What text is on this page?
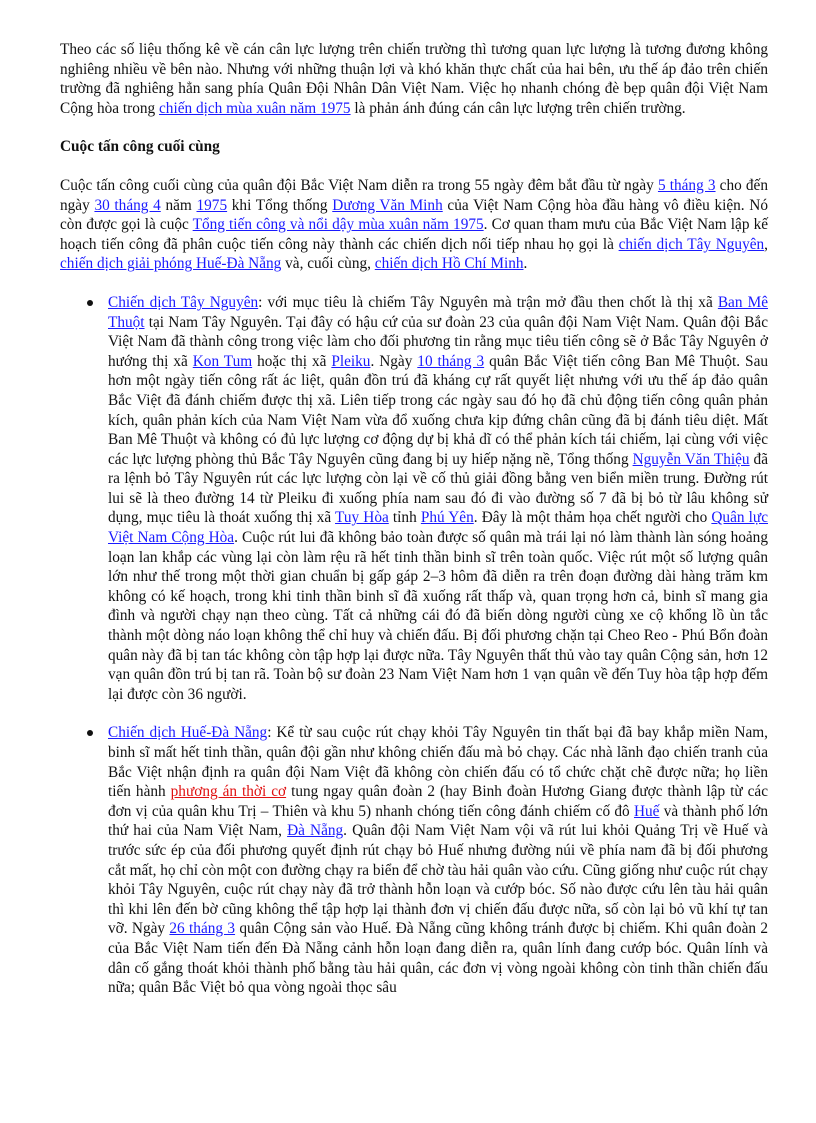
Theo các số liệu thống kê về cán cân lực lượng trên chiến trường thì tương quan lực lượng là tương đương không nghiêng nhiều về bên nào. Nhưng với những thuận lợi và khó khăn thực chất của hai bên, ưu thế áp đảo trên chiến trường đã nghiêng hẳn sang phía Quân Đội Nhân Dân Việt Nam. Việc họ nhanh chóng đè bẹp quân đội Việt Nam Cộng hòa trong chiến dịch mùa xuân năm 1975 là phản ánh đúng cán cân lực lượng trên chiến trường.

Cuộc tấn công cuối cùng

Cuộc tấn công cuối cùng của quân đội Bắc Việt Nam diễn ra trong 55 ngày đêm bắt đầu từ ngày 5 tháng 3 cho đến ngày 30 tháng 4 năm 1975 khi Tổng thống Dương Văn Minh của Việt Nam Cộng hòa đầu hàng vô điều kiện. Nó còn được gọi là cuộc Tổng tiến công và nổi dậy mùa xuân năm 1975. Cơ quan tham mưu của Bắc Việt Nam lập kế hoạch tiến công đã phân cuộc tiến công này thành các chiến dịch nối tiếp nhau họ gọi là chiến dịch Tây Nguyên, chiến dịch giải phóng Huế-Đà Nẵng và, cuối cùng, chiến dịch Hồ Chí Minh.

Chiến dịch Tây Nguyên: với mục tiêu là chiếm Tây Nguyên mà trận mở đầu then chốt là thị xã Ban Mê Thuột tại Nam Tây Nguyên. Tại đây có hậu cứ của sư đoàn 23 của quân đội Nam Việt Nam. Quân đội Bắc Việt Nam đã thành công trong việc làm cho đối phương tin rằng mục tiêu tiến công sẽ ở Bắc Tây Nguyên ở hướng thị xã Kon Tum hoặc thị xã Pleiku. Ngày 10 tháng 3 quân Bắc Việt tiến công Ban Mê Thuột. Sau hơn một ngày tiến công rất ác liệt, quân đồn trú đã kháng cự rất quyết liệt nhưng với ưu thế áp đảo quân Bắc Việt đã đánh chiếm được thị xã. Liên tiếp trong các ngày sau đó họ đã chủ động tiến công quân phản kích, quân phản kích của Nam Việt Nam vừa đổ xuống chưa kịp đứng chân cũng đã bị đánh tiêu diệt. Mất Ban Mê Thuột và không có đủ lực lượng cơ động dự bị khả dĩ có thể phản kích tái chiếm, lại cùng với việc các lực lượng phòng thủ Bắc Tây Nguyên cũng đang bị uy hiếp nặng nề, Tổng thống Nguyễn Văn Thiệu đã ra lệnh bỏ Tây Nguyên rút các lực lượng còn lại về cố thủ giải đồng bằng ven biển miền trung. Đường rút lui sẽ là theo đường 14 từ Pleiku đi xuống phía nam sau đó đi vào đường số 7 đã bị bỏ từ lâu không sử dụng, mục tiêu là thoát xuống thị xã Tuy Hòa tỉnh Phú Yên. Đây là một thảm họa chết người cho Quân lực Việt Nam Cộng Hòa. Cuộc rút lui đã không bảo toàn được số quân mà trái lại nó làm thành làn sóng hoảng loạn lan khắp các vùng lại còn làm rệu rã hết tinh thần binh sĩ trên toàn quốc. Việc rút một số lượng quân lớn như thế trong một thời gian chuẩn bị gấp gáp 2–3 hôm đã diễn ra trên đoạn đường dài hàng trăm km không có kế hoạch, trong khi tinh thần binh sĩ đã xuống rất thấp và, quan trọng hơn cả, binh sĩ mang gia đình và người chạy nạn theo cùng. Tất cả những cái đó đã biến dòng người cùng xe cộ khổng lồ ùn tắc thành một dòng náo loạn không thể chỉ huy và chiến đấu. Bị đối phương chặn tại Cheo Reo - Phú Bổn đoàn quân này đã bị tan tác không còn tập hợp lại được nữa. Tây Nguyên thất thủ vào tay quân Cộng sản, hơn 12 vạn quân đồn trú bị tan rã. Toàn bộ sư đoàn 23 Nam Việt Nam hơn 1 vạn quân về đến Tuy hòa tập hợp đếm lại được còn 36 người.
Chiến dịch Huế-Đà Nẵng: Kể từ sau cuộc rút chạy khỏi Tây Nguyên tin thất bại đã bay khắp miền Nam, binh sĩ mất hết tinh thần, quân đội gần như không chiến đấu mà bỏ chạy. Các nhà lãnh đạo chiến tranh của Bắc Việt nhận định ra quân đội Nam Việt đã không còn chiến đấu có tổ chức chặt chẽ được nữa; họ liền tiến hành phương án thời cơ tung ngay quân đoàn 2 (hay Binh đoàn Hương Giang được thành lập từ các đơn vị của quân khu Trị – Thiên và khu 5) nhanh chóng tiến công đánh chiếm cố đô Huế và thành phố lớn thứ hai của Nam Việt Nam, Đà Nẵng. Quân đội Nam Việt Nam vội vã rút lui khỏi Quảng Trị về Huế và trước sức ép của đối phương quyết định rút chạy bỏ Huế nhưng đường núi về phía nam đã bị đối phương cắt mất, họ chỉ còn một con đường chạy ra biển để chờ tàu hải quân vào cứu. Cũng giống như cuộc rút chạy khỏi Tây Nguyên, cuộc rút chạy này đã trở thành hỗn loạn và cướp bóc. Số nào được cứu lên tàu hải quân thì khi lên đến bờ cũng không thể tập hợp lại thành đơn vị chiến đấu được nữa, số còn lại bỏ vũ khí tự tan vỡ. Ngày 26 tháng 3 quân Cộng sản vào Huế. Đà Nẵng cũng không tránh được bị chiếm. Khi quân đoàn 2 của Bắc Việt Nam tiến đến Đà Nẵng cảnh hỗn loạn đang diễn ra, quân lính đang cướp bóc. Quân lính và dân cố gắng thoát khỏi thành phố bằng tàu hải quân, các đơn vị vòng ngoài không còn tinh thần chiến đấu nữa; quân Bắc Việt bỏ qua vòng ngoài thọc sâu
